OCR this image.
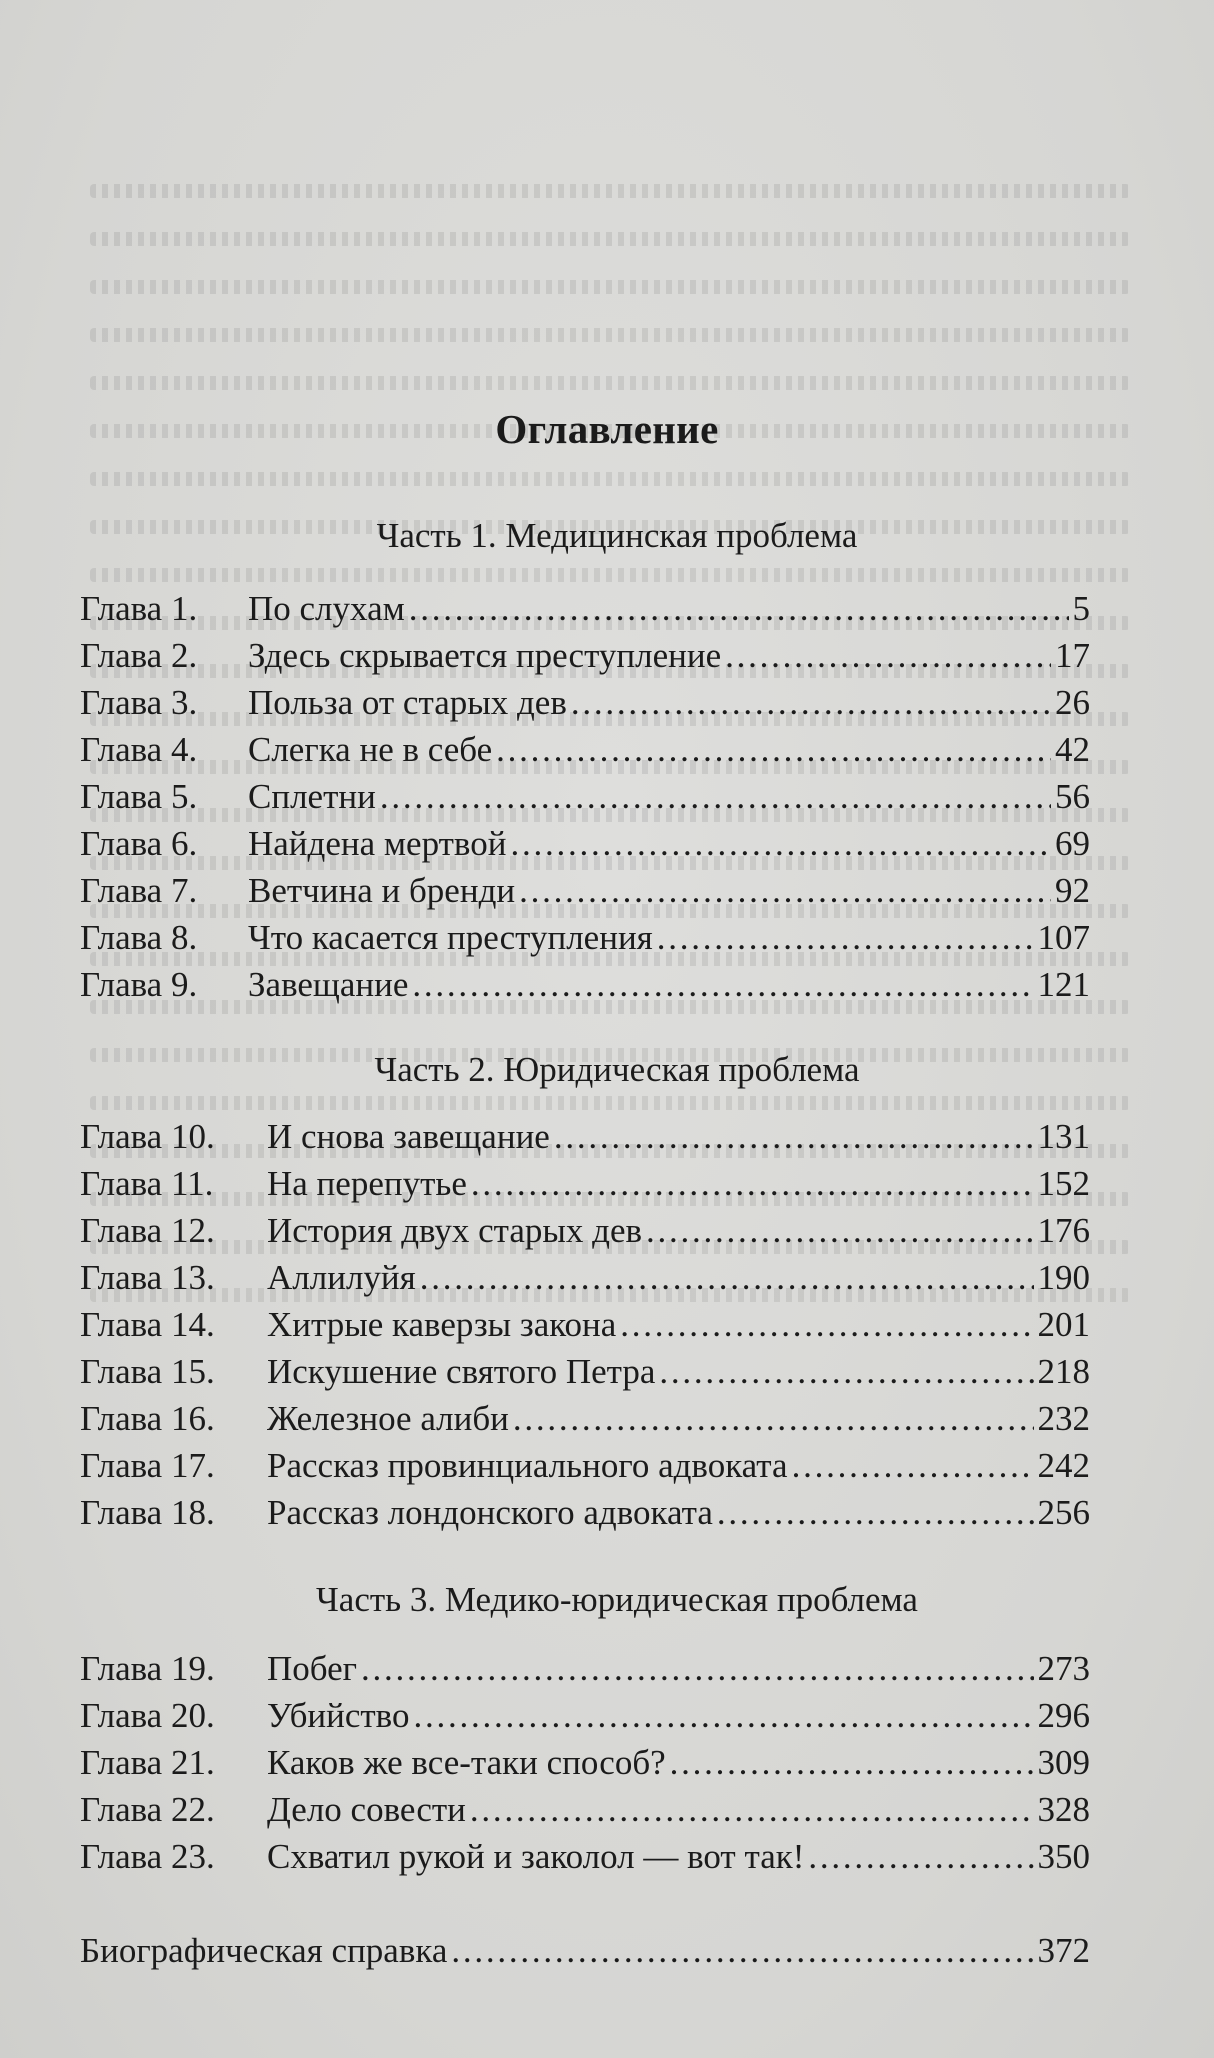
Оглавление
Часть 1. Медицинская проблема
Глава 1.	По слухам . . .	5
Глава 2.	Здесь скрывается преступление . . .	17
Глава 3.	Польза от старых дев . . .	26
Глава 4.	Слегка не в себе . . .	42
Глава 5.	Сплетни . . .	56
Глава 6.	Найдена мертвой . . .	69
Глава 7.	Ветчина и бренди . . .	92
Глава 8.	Что касается преступления . . .	107
Глава 9.	Завещание . . .	121
Часть 2. Юридическая проблема
Глава 10.	И снова завещание . . .	131
Глава 11.	На перепутье . . .	152
Глава 12.	История двух старых дев . . .	176
Глава 13.	Аллилуйя . . .	190
Глава 14.	Хитрые каверзы закона . . .	201
Глава 15.	Искушение святого Петра . . .	218
Глава 16.	Железное алиби . . .	232
Глава 17.	Рассказ провинциального адвоката . . .	242
Глава 18.	Рассказ лондонского адвоката . . .	256
Часть 3. Медико-юридическая проблема
Глава 19.	Побег . . .	273
Глава 20.	Убийство . . .	296
Глава 21.	Каков же все-таки способ? . . .	309
Глава 22.	Дело совести . . .	328
Глава 23.	Схватил рукой и заколол — вот так! . . .	350
Биографическая справка . . .	372
